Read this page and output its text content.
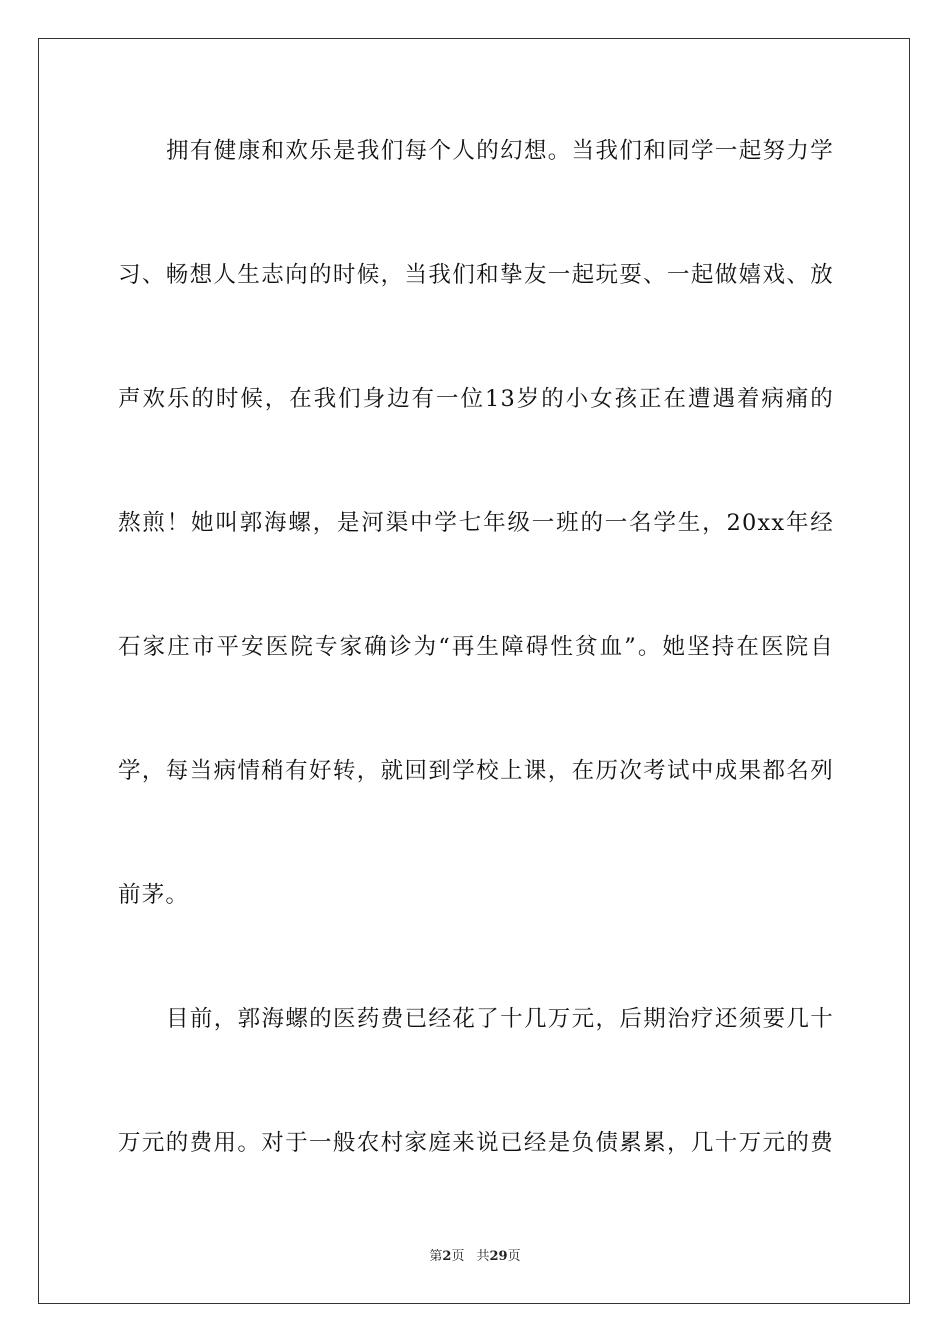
拥有健康和欢乐是我们每个人的幻想。当我们和同学一起努力学
习、畅想人生志向的时候，当我们和挚友一起玩耍、一起做嬉戏、放
声欢乐的时候，在我们身边有一位13岁的小女孩正在遭遇着病痛的
熬煎！她叫郭海螺，是河渠中学七年级一班的一名学生，20xx年经
石家庄市平安医院专家确诊为“再生障碍性贫血”。她坚持在医院自
学，每当病情稍有好转，就回到学校上课，在历次考试中成果都名列
前茅。
目前，郭海螺的医药费已经花了十几万元，后期治疗还须要几十
万元的费用。对于一般农村家庭来说已经是负债累累，几十万元的费
第2页 共29页
